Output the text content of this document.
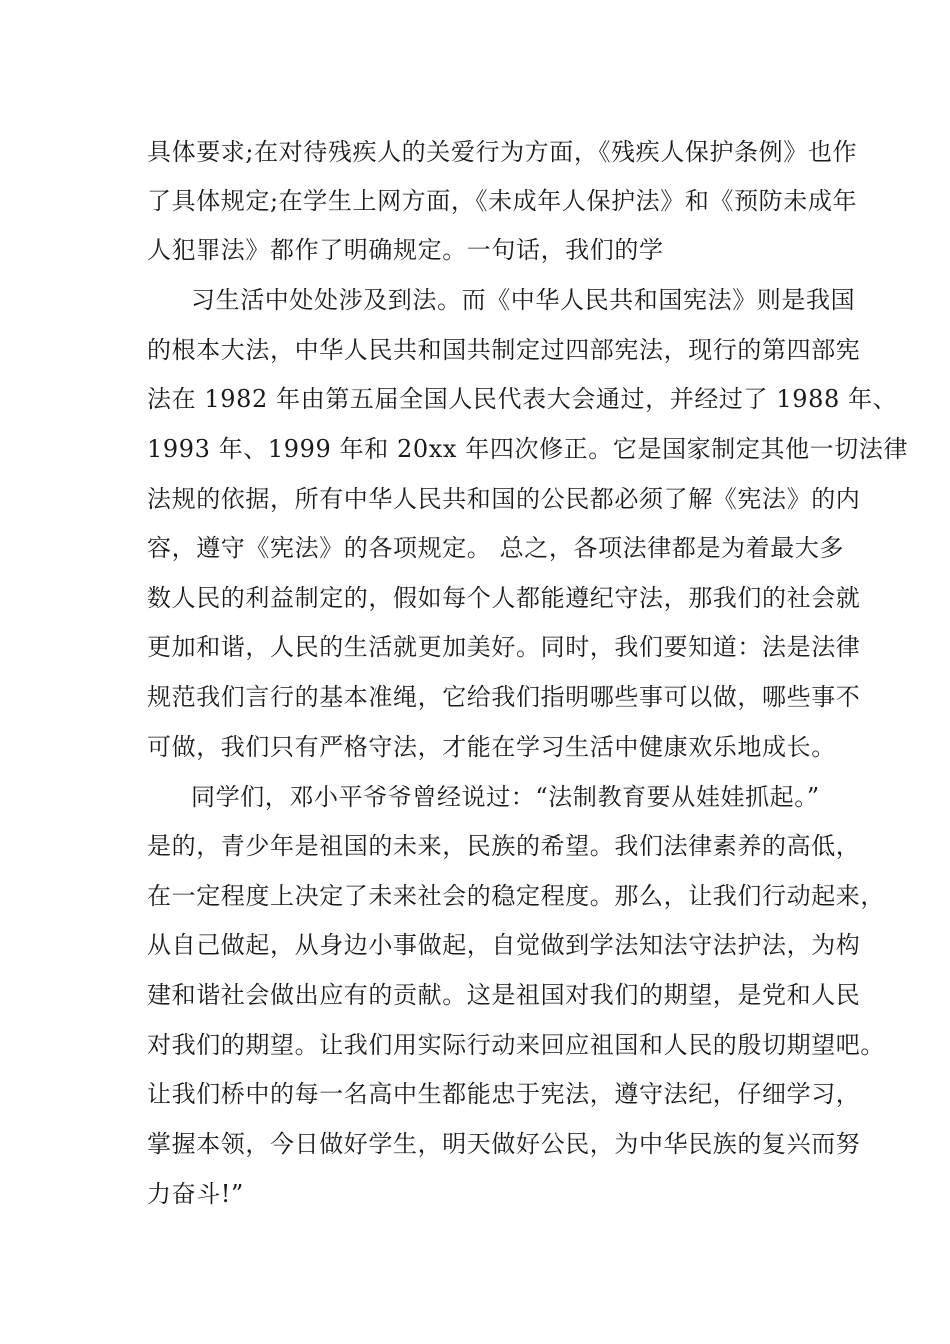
具体要求;在对待残疾人的关爱行为方面，《残疾人保护条例》也作
了具体规定;在学生上网方面，《未成年人保护法》和《预防未成年
人犯罪法》都作了明确规定。一句话，我们的学
习生活中处处涉及到法。而《中华人民共和国宪法》则是我国
的根本大法，中华人民共和国共制定过四部宪法，现行的第四部宪
法在 1982 年由第五届全国人民代表大会通过，并经过了 1988 年、
1993 年、1999 年和 20xx 年四次修正。它是国家制定其他一切法律
法规的依据，所有中华人民共和国的公民都必须了解《宪法》的内
容，遵守《宪法》的各项规定。 总之，各项法律都是为着最大多
数人民的利益制定的，假如每个人都能遵纪守法，那我们的社会就
更加和谐，人民的生活就更加美好。同时，我们要知道：法是法律
规范我们言行的基本准绳，它给我们指明哪些事可以做，哪些事不
可做，我们只有严格守法，才能在学习生活中健康欢乐地成长。
同学们，邓小平爷爷曾经说过：“法制教育要从娃娃抓起。”
是的，青少年是祖国的未来，民族的希望。我们法律素养的高低，
在一定程度上决定了未来社会的稳定程度。那么，让我们行动起来，
从自己做起，从身边小事做起，自觉做到学法知法守法护法，为构
建和谐社会做出应有的贡献。这是祖国对我们的期望，是党和人民
对我们的期望。让我们用实际行动来回应祖国和人民的殷切期望吧。
让我们桥中的每一名高中生都能忠于宪法，遵守法纪，仔细学习，
掌握本领，今日做好学生，明天做好公民，为中华民族的复兴而努
力奋斗!”
